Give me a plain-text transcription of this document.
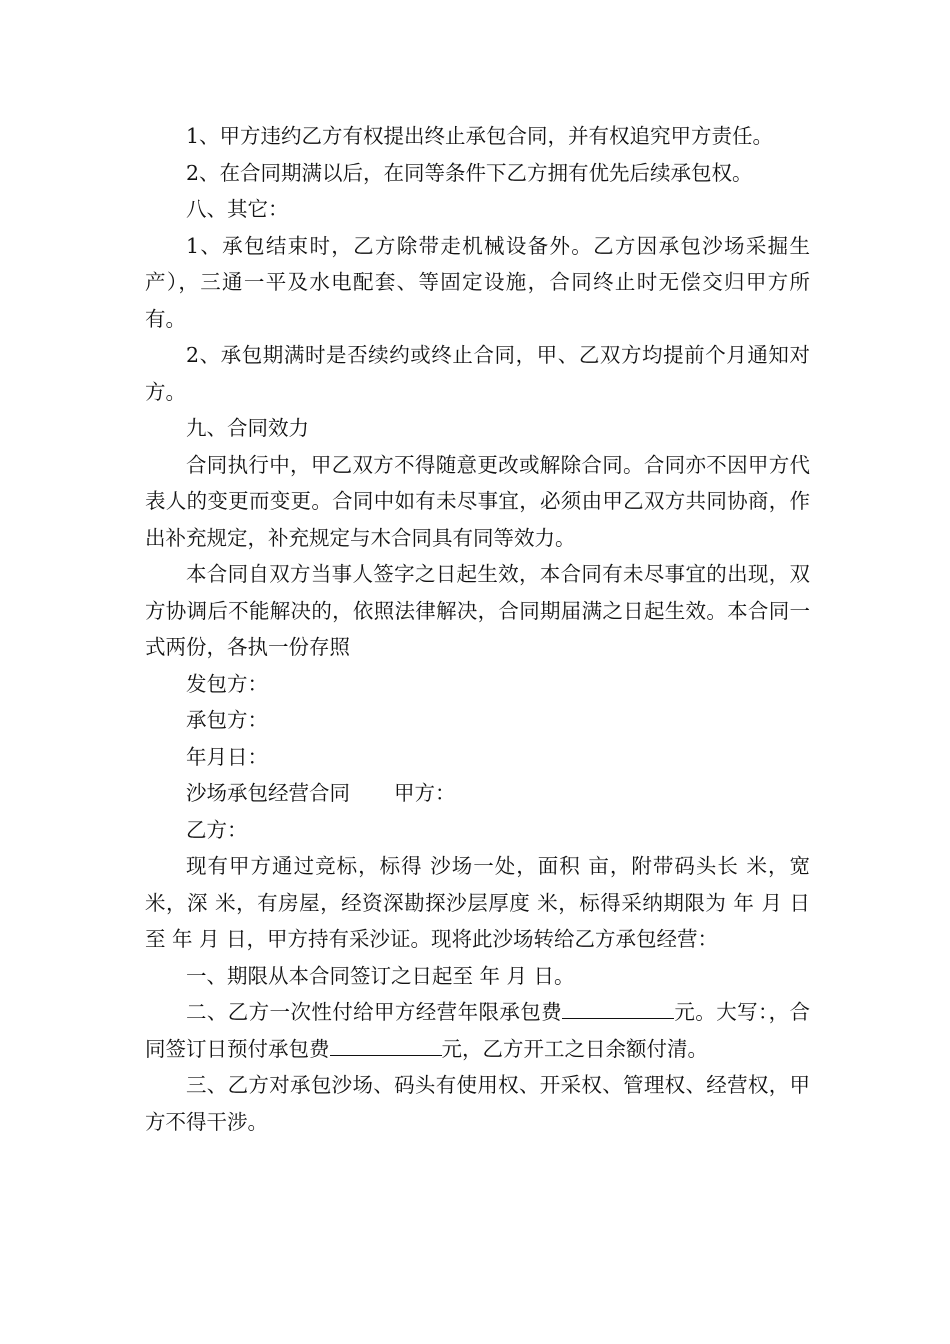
1、甲方违约乙方有权提出终止承包合同，并有权追究甲方责任。

2、在合同期满以后，在同等条件下乙方拥有优先后续承包权。

八、其它：

1、承包结束时，乙方除带走机械设备外。乙方因承包沙场采掘生产），三通一平及水电配套、等固定设施，合同终止时无偿交归甲方所有。

2、承包期满时是否续约或终止合同，甲、乙双方均提前个月通知对方。

九、合同效力

合同执行中，甲乙双方不得随意更改或解除合同。合同亦不因甲方代表人的变更而变更。合同中如有未尽事宜，必须由甲乙双方共同协商，作出补充规定，补充规定与木合同具有同等效力。

本合同自双方当事人签字之日起生效，本合同有未尽事宜的出现，双方协调后不能解决的，依照法律解决，合同期届满之日起生效。本合同一式两份，各执一份存照

发包方：

承包方：

年月日：

沙场承包经营合同 甲方：

乙方：

现有甲方通过竞标，标得 沙场一处，面积 亩，附带码头长 米，宽 米，深 米，有房屋，经资深勘探沙层厚度 米，标得采纳期限为 年 月 日至 年 月 日，甲方持有采沙证。现将此沙场转给乙方承包经营：

一、期限从本合同签订之日起至 年 月 日。

二、乙方一次性付给甲方经营年限承包费	元。大写：，合同签订日预付承包费	元，乙方开工之日余额付清。

三、乙方对承包沙场、码头有使用权、开采权、管理权、经营权，甲方不得干涉。
